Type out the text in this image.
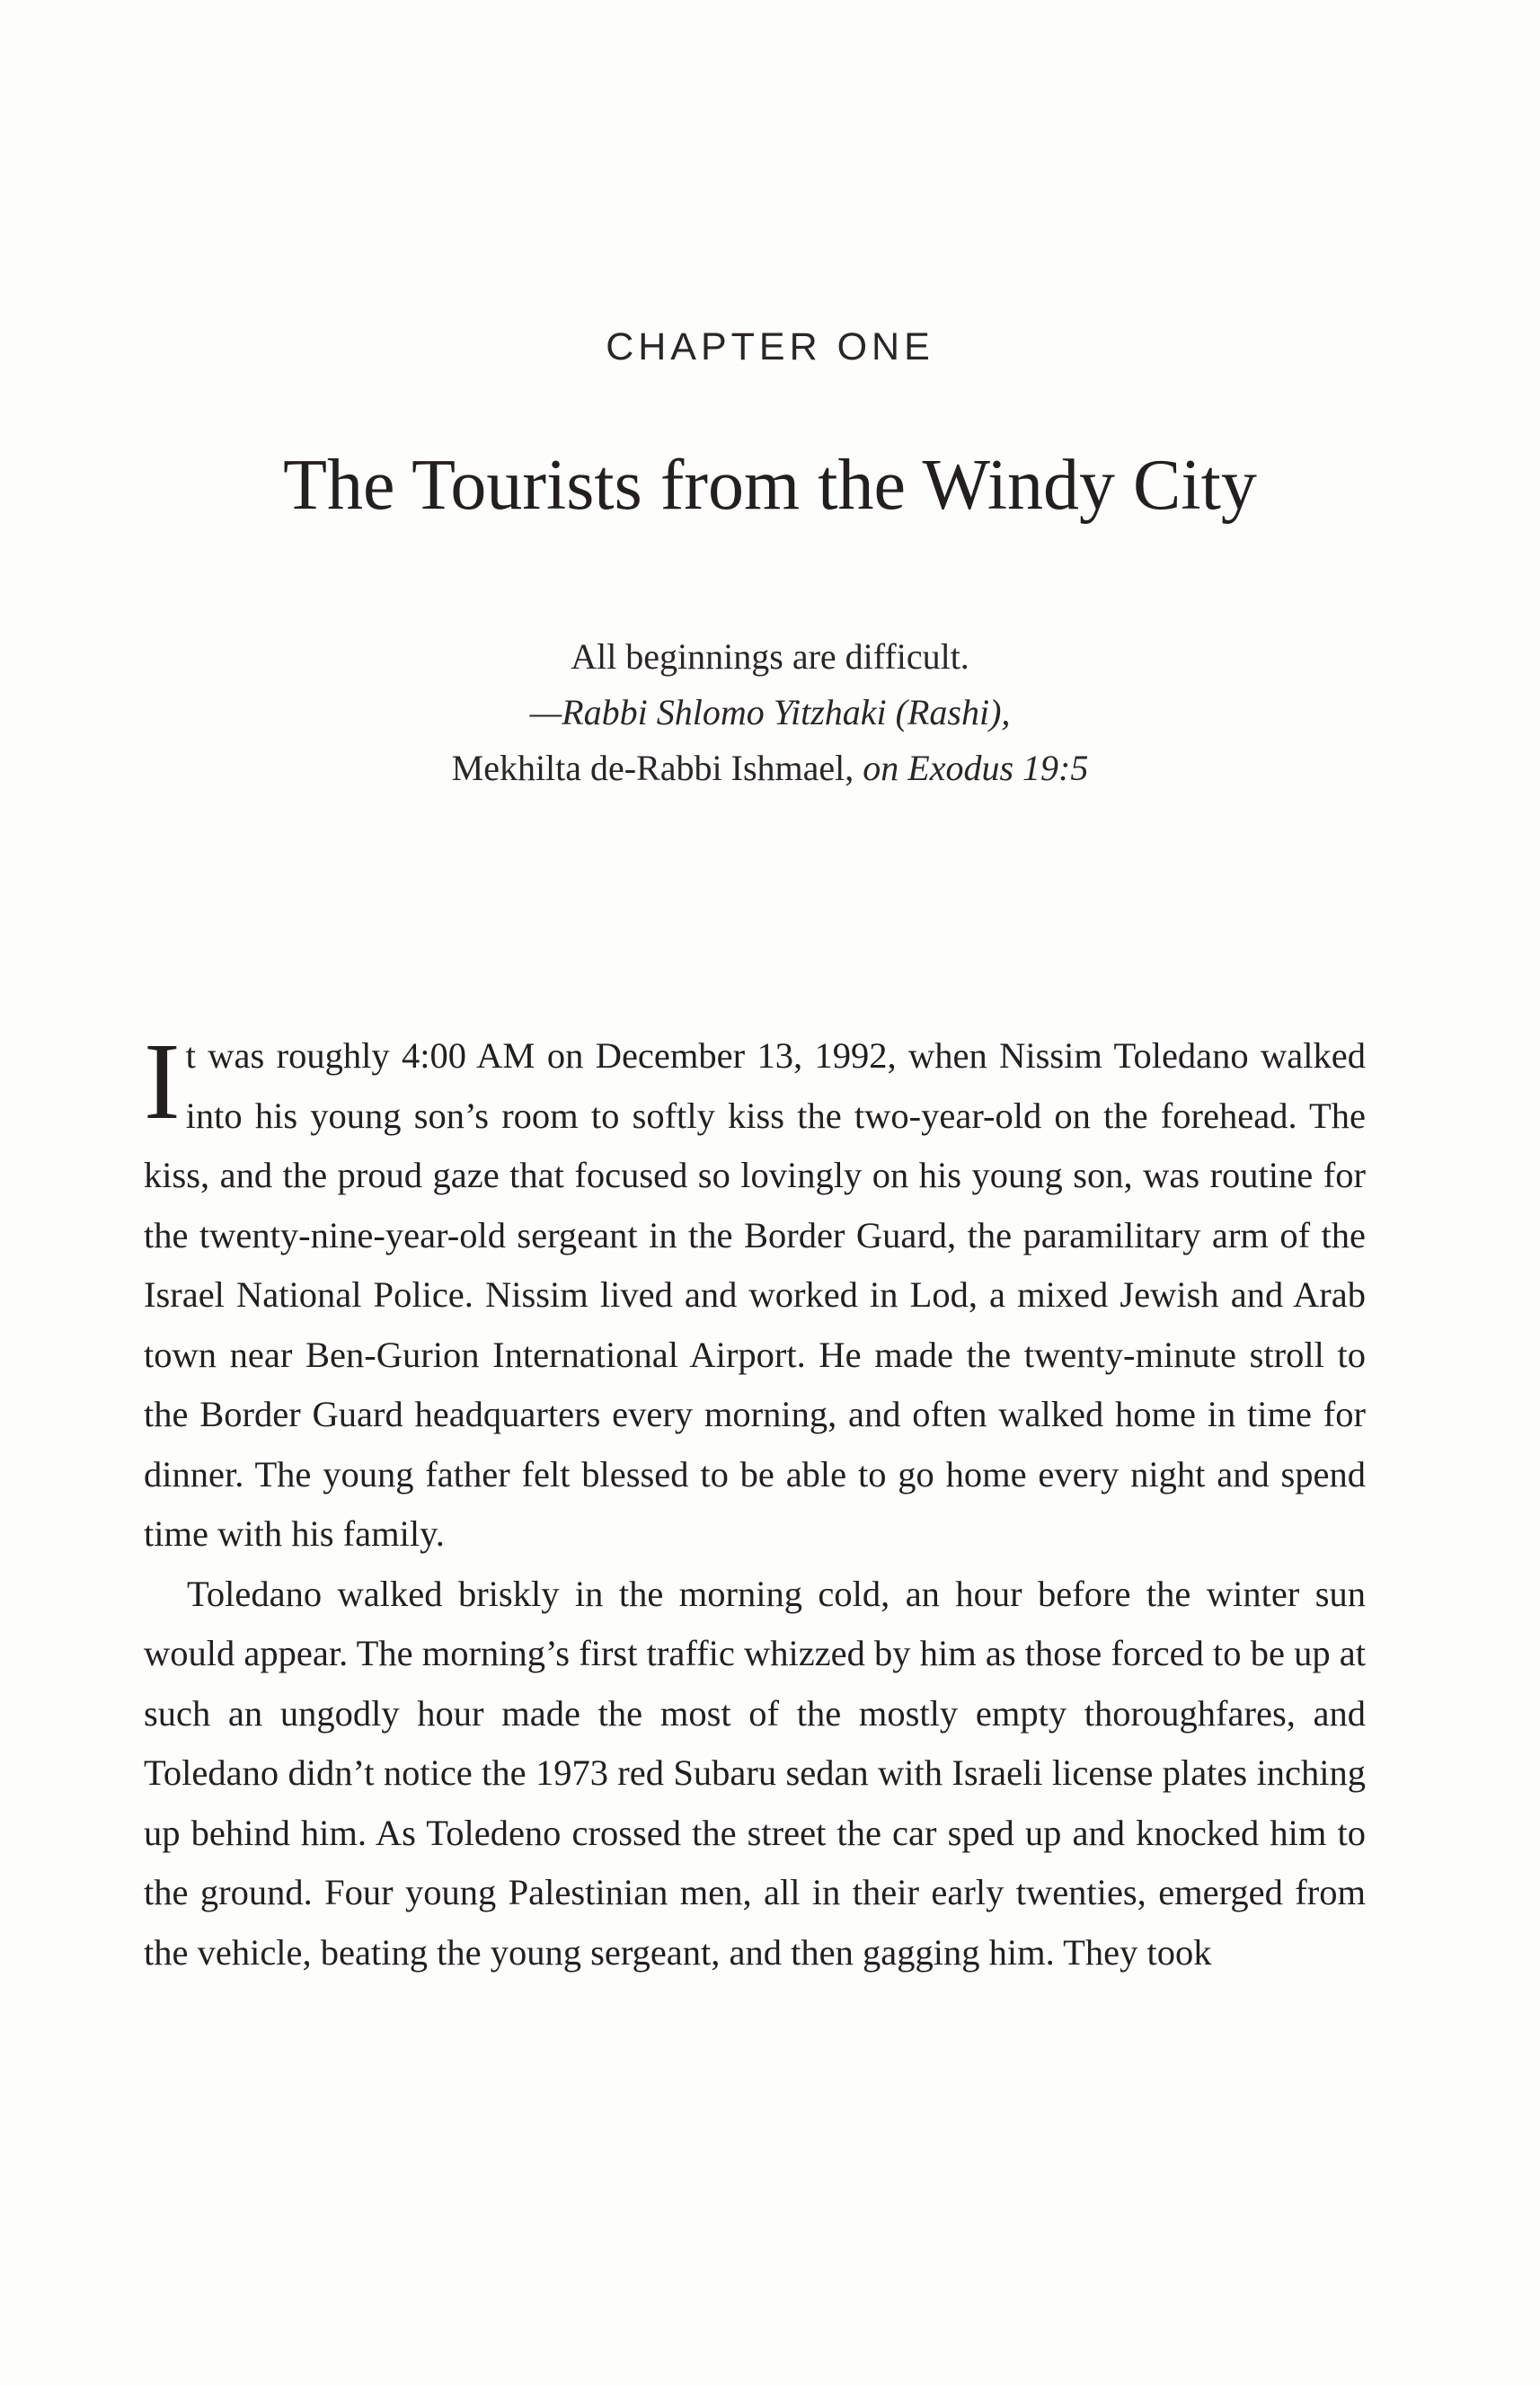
CHAPTER ONE
The Tourists from the Windy City
All beginnings are difficult.
—Rabbi Shlomo Yitzhaki (Rashi),
Mekhilta de-Rabbi Ishmael, on Exodus 19:5

It was roughly 4:00 AM on December 13, 1992, when Nissim Toledano walked into his young son’s room to softly kiss the two-year-old on the forehead. The kiss, and the proud gaze that focused so lovingly on his young son, was routine for the twenty-nine-year-old sergeant in the Border Guard, the paramilitary arm of the Israel National Police. Nissim lived and worked in Lod, a mixed Jewish and Arab town near Ben-Gurion International Airport. He made the twenty-minute stroll to the Border Guard headquarters every morning, and often walked home in time for dinner. The young father felt blessed to be able to go home every night and spend time with his family.

Toledano walked briskly in the morning cold, an hour before the winter sun would appear. The morning’s first traffic whizzed by him as those forced to be up at such an ungodly hour made the most of the mostly empty thoroughfares, and Toledano didn’t notice the 1973 red Subaru sedan with Israeli license plates inching up behind him. As Toledeno crossed the street the car sped up and knocked him to the ground. Four young Palestinian men, all in their early twenties, emerged from the vehicle, beating the young sergeant, and then gagging him. They took
